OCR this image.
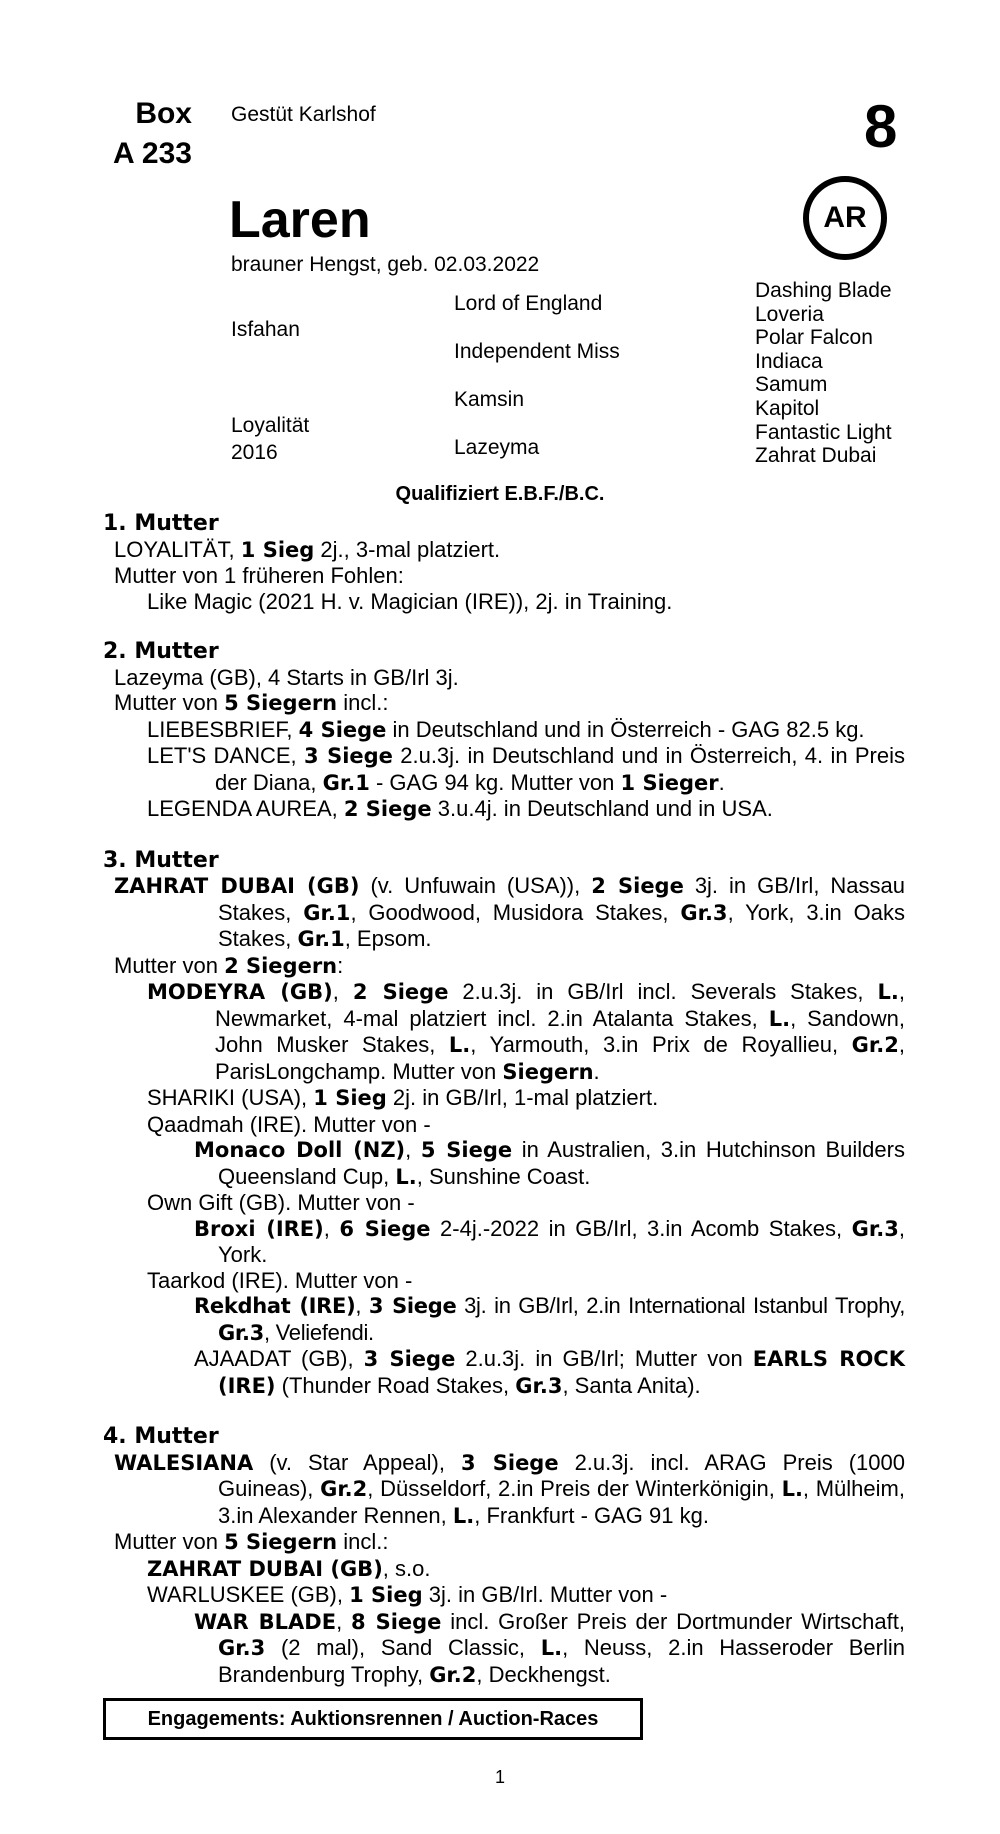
Box
A 233
Gestüt Karlshof	8
AR
Laren
brauner Hengst, geb. 02.03.2022
Isfahan
Loyalität
2016
Lord of England
Independent Miss
Kamsin
Lazeyma
Dashing Blade
Loveria
Polar Falcon
Indiaca
Samum
Kapitol
Fantastic Light
Zahrat Dubai
Qualifiziert E.B.F./B.C.
1. Mutter
LOYALITÄT, 1 Sieg 2j., 3-mal platziert.
Mutter von 1 früheren Fohlen:
Like Magic (2021 H. v. Magician (IRE)), 2j. in Training.
2. Mutter
Lazeyma (GB), 4 Starts in GB/Irl 3j.
Mutter von 5 Siegern incl.:
LIEBESBRIEF, 4 Siege in Deutschland und in Österreich - GAG 82.5 kg.
LET'S DANCE, 3 Siege 2.u.3j. in Deutschland und in Österreich, 4. in Preis der Diana, Gr.1 - GAG 94 kg. Mutter von 1 Sieger.
LEGENDA AUREA, 2 Siege 3.u.4j. in Deutschland und in USA.
3. Mutter
ZAHRAT DUBAI (GB) (v. Unfuwain (USA)), 2 Siege 3j. in GB/Irl, Nassau Stakes, Gr.1, Goodwood, Musidora Stakes, Gr.3, York, 3.in Oaks Stakes, Gr.1, Epsom.
Mutter von 2 Siegern:
MODEYRA (GB), 2 Siege 2.u.3j. in GB/Irl incl. Severals Stakes, L., Newmarket, 4-mal platziert incl. 2.in Atalanta Stakes, L., Sandown, John Musker Stakes, L., Yarmouth, 3.in Prix de Royallieu, Gr.2, ParisLongchamp. Mutter von Siegern.
SHARIKI (USA), 1 Sieg 2j. in GB/Irl, 1-mal platziert.
Qaadmah (IRE). Mutter von -
Monaco Doll (NZ), 5 Siege in Australien, 3.in Hutchinson Builders Queensland Cup, L., Sunshine Coast.
Own Gift (GB). Mutter von -
Broxi (IRE), 6 Siege 2-4j.-2022 in GB/Irl, 3.in Acomb Stakes, Gr.3, York.
Taarkod (IRE). Mutter von -
Rekdhat (IRE), 3 Siege 3j. in GB/Irl, 2.in International Istanbul Trophy, Gr.3, Veliefendi.
AJAADAT (GB), 3 Siege 2.u.3j. in GB/Irl; Mutter von EARLS ROCK (IRE) (Thunder Road Stakes, Gr.3, Santa Anita).
4. Mutter
WALESIANA (v. Star Appeal), 3 Siege 2.u.3j. incl. ARAG Preis (1000 Guineas), Gr.2, Düsseldorf, 2.in Preis der Winterkönigin, L., Mülheim, 3.in Alexander Rennen, L., Frankfurt - GAG 91 kg.
Mutter von 5 Siegern incl.:
ZAHRAT DUBAI (GB), s.o.
WARLUSKEE (GB), 1 Sieg 3j. in GB/Irl. Mutter von -
WAR BLADE, 8 Siege incl. Großer Preis der Dortmunder Wirtschaft, Gr.3 (2 mal), Sand Classic, L., Neuss, 2.in Hasseroder Berlin Brandenburg Trophy, Gr.2, Deckhengst.
Engagements: Auktionsrennen / Auction-Races
1
